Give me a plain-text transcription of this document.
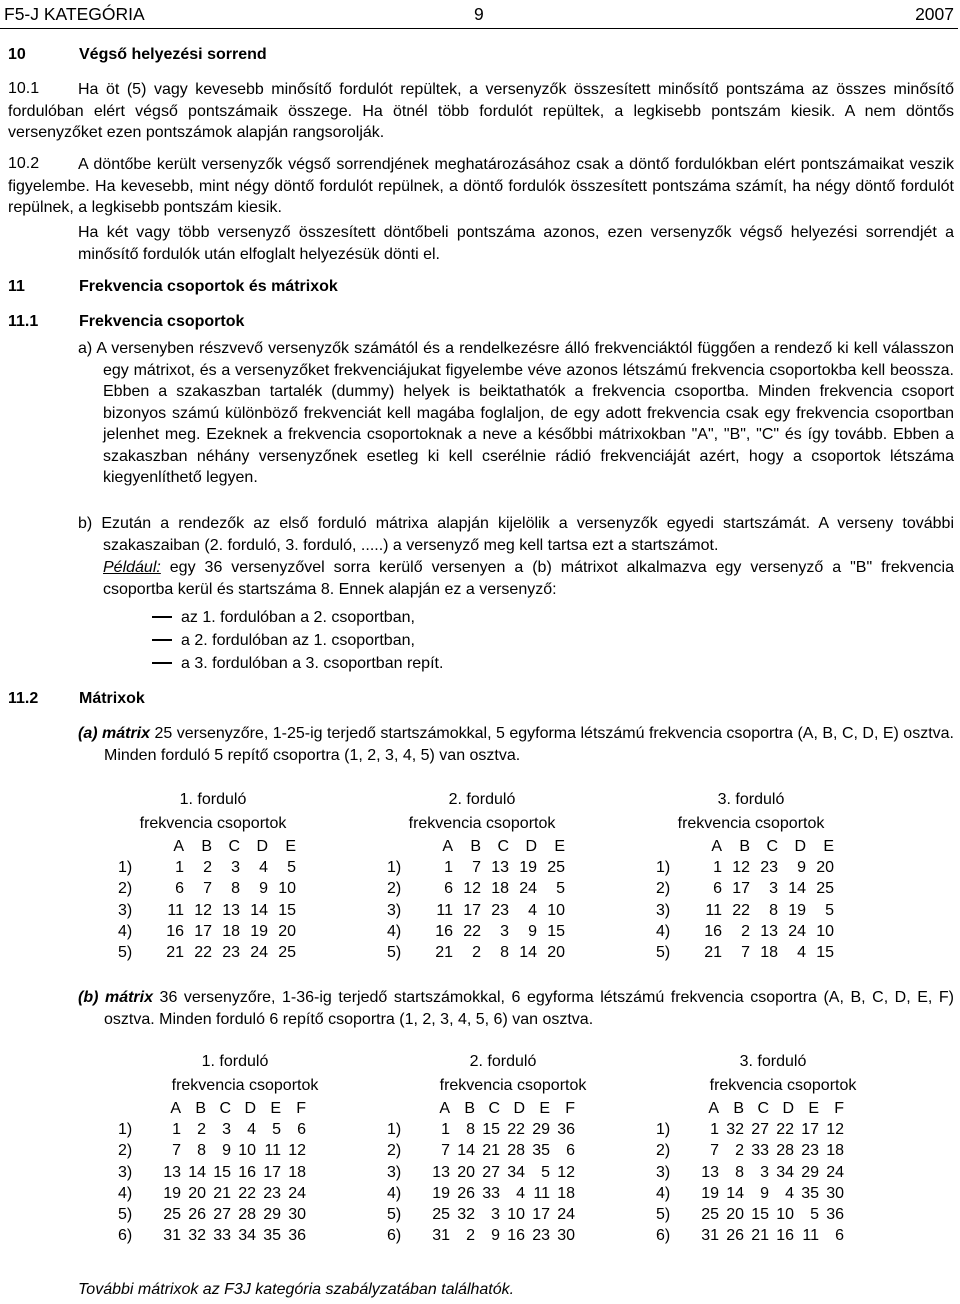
F5-J KATEGÓRIA	9	2007
10	Végső helyezési sorrend
10.1	Ha öt (5) vagy kevesebb minősítő fordulót repültek, a versenyzők összesített minősítő pontszáma az összes minősítő fordulóban elért végső pontszámaik összege. Ha ötnél több fordulót repültek, a legkisebb pontszám kiesik. A nem döntős versenyzőket ezen pontszámok alapján rangsorolják.
10.2	A döntőbe került versenyzők végső sorrendjének meghatározásához csak a döntő fordulókban elért pontszámaikat veszik figyelembe. Ha kevesebb, mint négy döntő fordulót repülnek, a döntő fordulók összesített pontszáma számít, ha négy döntő fordulót repülnek, a legkisebb pontszám kiesik.
Ha két vagy több versenyző összesített döntőbeli pontszáma azonos, ezen versenyzők végső helyezési sorrendjét a minősítő fordulók után elfoglalt helyezésük dönti el.
11	Frekvencia csoportok és mátrixok
11.1	Frekvencia csoportok
a) A versenyben részvevő versenyzők számától és a rendelkezésre álló frekvenciáktól függően a rendező ki kell válasszon egy mátrixot, és a versenyzőket frekvenciájukat figyelembe véve azonos létszámú frekvencia csoportokba kell beossza. Ebben a szakaszban tartalék (dummy) helyek is beiktathatók a frekvencia csoportba. Minden frekvencia csoport bizonyos számú különböző frekvenciát kell magába foglaljon, de egy adott frekvencia csak egy frekvencia csoportban jelenhet meg. Ezeknek a frekvencia csoportoknak a neve a későbbi mátrixokban "A", "B", "C" és így tovább. Ebben a szakaszban néhány versenyzőnek esetleg ki kell cserélnie rádió frekvenciáját azért, hogy a csoportok létszáma kiegyenlíthető legyen.
b) Ezután a rendezők az első forduló mátrixa alapján kijelölik a versenyzők egyedi startszámát. A verseny további szakaszaiban (2. forduló, 3. forduló, .....) a versenyző meg kell tartsa ezt a startszámot.
Például: egy 36 versenyzővel sorra kerülő versenyen a (b) mátrixot alkalmazva egy versenyző a "B" frekvencia csoportba kerül és startszáma 8. Ennek alapján ez a versenyző:
az 1. fordulóban a 2. csoportban,
a 2. fordulóban az 1. csoportban,
a 3. fordulóban a 3. csoportban repít.
11.2	Mátrixok
(a) mátrix 25 versenyzőre, 1-25-ig terjedő startszámokkal, 5 egyforma létszámú frekvencia csoportra (A, B, C, D, E) osztva. Minden forduló 5 repítő csoportra (1, 2, 3, 4, 5) van osztva.
1. forduló
frekvencia csoportok
	A	B	C	D	E
1)	1	2	3	4	5
2)	6	7	8	9	10
3)	11	12	13	14	15
4)	16	17	18	19	20
5)	21	22	23	24	25
2. forduló
frekvencia csoportok
	A	B	C	D	E
1)	1	7	13	19	25
2)	6	12	18	24	5
3)	11	17	23	4	10
4)	16	22	3	9	15
5)	21	2	8	14	20
3. forduló
frekvencia csoportok
	A	B	C	D	E
1)	1	12	23	9	20
2)	6	17	3	14	25
3)	11	22	8	19	5
4)	16	2	13	24	10
5)	21	7	18	4	15
(b) mátrix 36 versenyzőre, 1-36-ig terjedő startszámokkal, 6 egyforma létszámú frekvencia csoportra (A, B, C, D, E, F) osztva. Minden forduló 6 repítő csoportra (1, 2, 3, 4, 5, 6) van osztva.
1. forduló
frekvencia csoportok
	A	B	C	D	E	F
1)	1	2	3	4	5	6
2)	7	8	9	10	11	12
3)	13	14	15	16	17	18
4)	19	20	21	22	23	24
5)	25	26	27	28	29	30
6)	31	32	33	34	35	36
2. forduló
frekvencia csoportok
	A	B	C	D	E	F
1)	1	8	15	22	29	36
2)	7	14	21	28	35	6
3)	13	20	27	34	5	12
4)	19	26	33	4	11	18
5)	25	32	3	10	17	24
6)	31	2	9	16	23	30
3. forduló
frekvencia csoportok
	A	B	C	D	E	F
1)	1	32	27	22	17	12
2)	7	2	33	28	23	18
3)	13	8	3	34	29	24
4)	19	14	9	4	35	30
5)	25	20	15	10	5	36
6)	31	26	21	16	11	6
További mátrixok az F3J kategória szabályzatában találhatók.
